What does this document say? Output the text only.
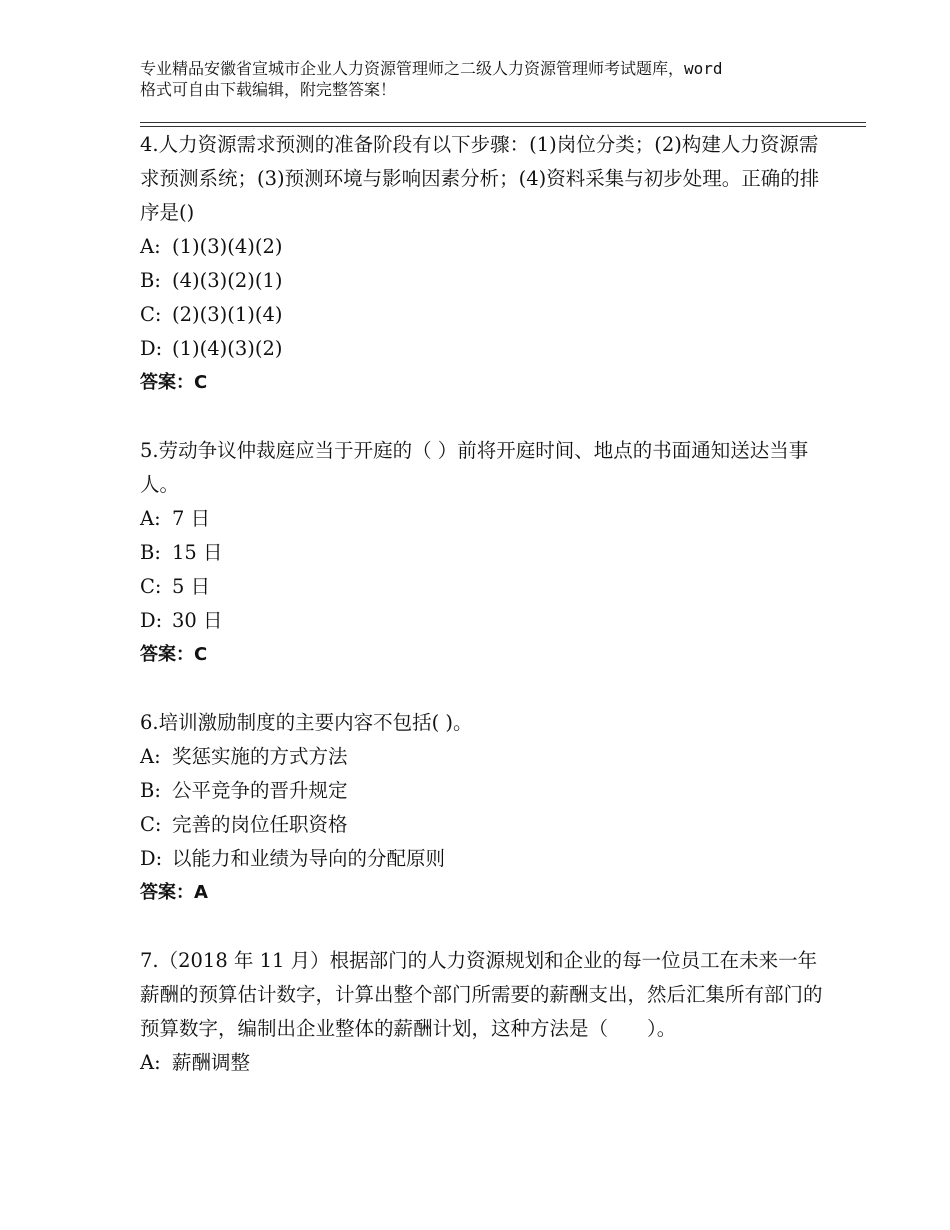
专业精品安徽省宣城市企业人力资源管理师之二级人力资源管理师考试题库，word
格式可自由下载编辑，附完整答案！

4.人力资源需求预测的准备阶段有以下步骤：(1)岗位分类；(2)构建人力资源需求预测系统；(3)预测环境与影响因素分析；(4)资料采集与初步处理。正确的排序是()

A: (1)(3)(4)(2)

B: (4)(3)(2)(1)

C: (2)(3)(1)(4)

D: (1)(4)(3)(2)

答案：C

5.劳动争议仲裁庭应当于开庭的（ ）前将开庭时间、地点的书面通知送达当事人。

A: 7 日

B: 15 日

C: 5 日

D: 30 日

答案：C

6.培训激励制度的主要内容不包括( )。

A: 奖惩实施的方式方法

B: 公平竞争的晋升规定

C: 完善的岗位任职资格

D: 以能力和业绩为导向的分配原则

答案：A

7.（2018 年 11 月）根据部门的人力资源规划和企业的每一位员工在未来一年薪酬的预算估计数字，计算出整个部门所需要的薪酬支出，然后汇集所有部门的预算数字，编制出企业整体的薪酬计划，这种方法是（　　）。

A: 薪酬调整
